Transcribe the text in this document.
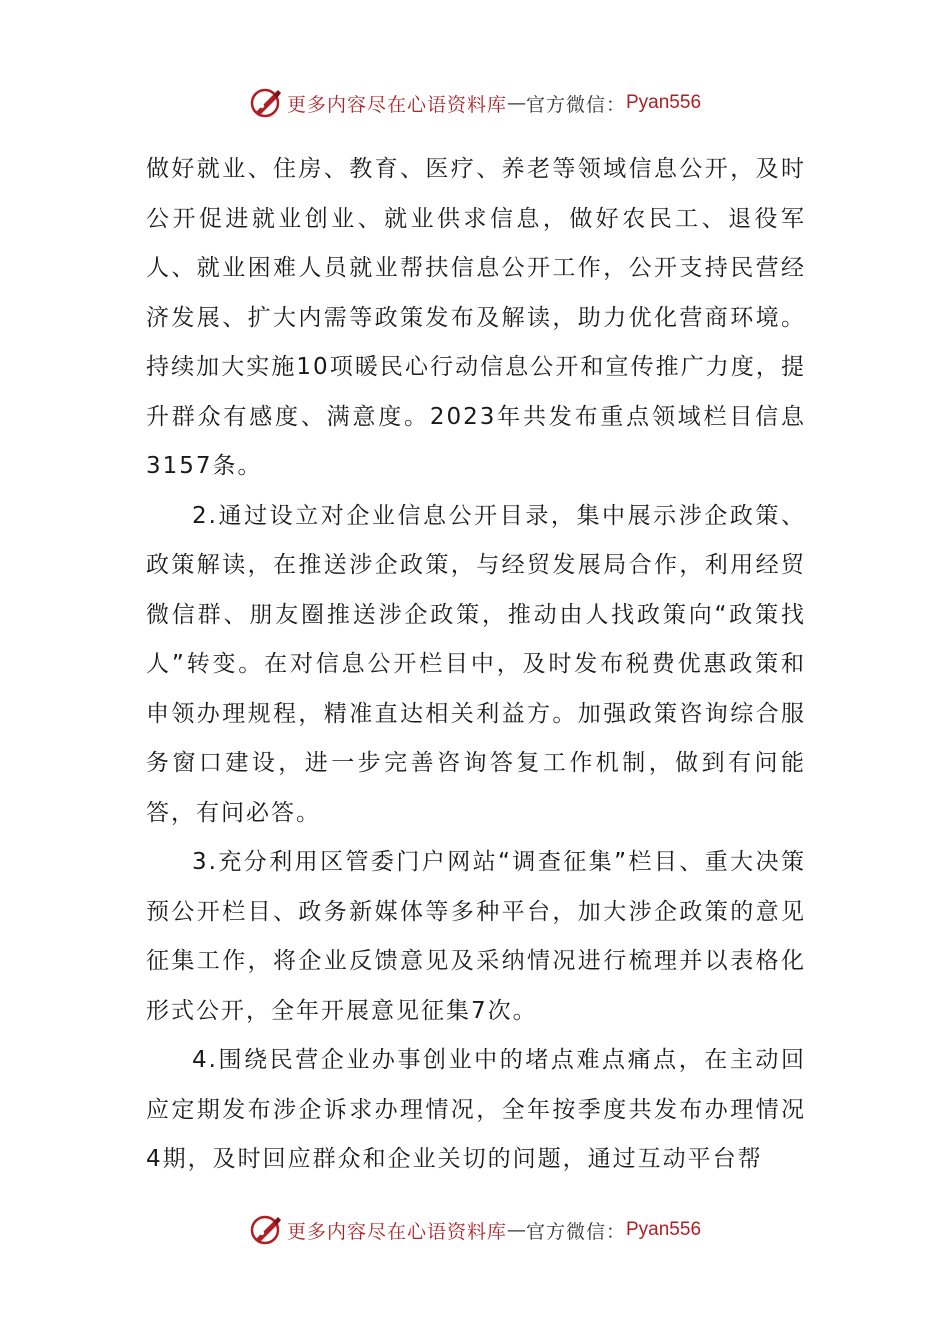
更多内容尽在心语资料库 — 官方微信： Pyan556

做好就业、住房、教育、医疗、养老等领域信息公开，及时公开促进就业创业、就业供求信息，做好农民工、退役军人、就业困难人员就业帮扶信息公开工作，公开支持民营经济发展、扩大内需等政策发布及解读，助力优化营商环境。持续加大实施10项暖民心行动信息公开和宣传推广力度，提升群众有感度、满意度。2023年共发布重点领域栏目信息3157条。

2.通过设立对企业信息公开目录，集中展示涉企政策、政策解读，在推送涉企政策，与经贸发展局合作，利用经贸微信群、朋友圈推送涉企政策，推动由人找政策向“政策找人”转变。在对信息公开栏目中，及时发布税费优惠政策和申领办理规程，精准直达相关利益方。加强政策咨询综合服务窗口建设，进一步完善咨询答复工作机制，做到有问能答，有问必答。

3.充分利用区管委门户网站“调查征集”栏目、重大决策预公开栏目、政务新媒体等多种平台，加大涉企政策的意见征集工作，将企业反馈意见及采纳情况进行梳理并以表格化形式公开，全年开展意见征集7次。

4.围绕民营企业办事创业中的堵点难点痛点，在主动回应定期发布涉企诉求办理情况，全年按季度共发布办理情况4期，及时回应群众和企业关切的问题，通过互动平台帮

更多内容尽在心语资料库 — 官方微信： Pyan556
